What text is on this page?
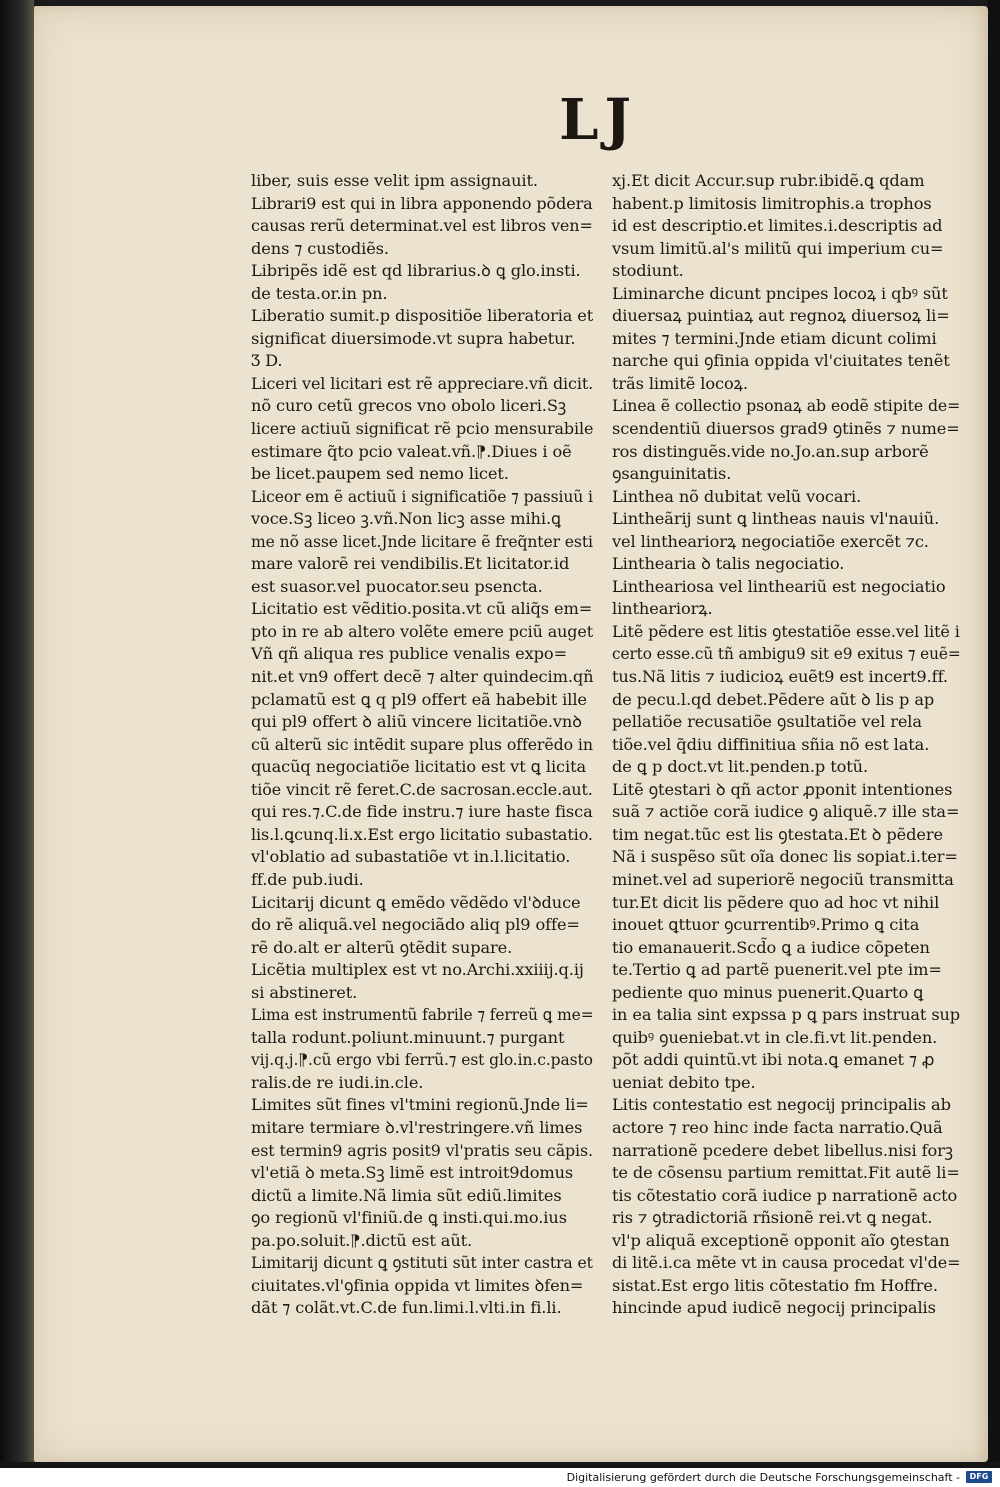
LJ
liber, suis esse velit ipm assignauit.
Librari9 est qui in libra apponendo põdera
causas rerũ determinat.vel est libros ven=
dens ⁊ custodiẽs.
Libripẽs idẽ est qd librarius.ꝺ ꝗ glo.insti.
de testa.or.in pn.
Liberatio sumit.p dispositiõe liberatoria et
significat diuersimode.vt supra habetur.
Ʒ D.
Liceri vel licitari est rẽ appreciare.vñ dicit.
nõ curo cetũ grecos vno obolo liceri.Sꝫ
licere actiuũ significat rẽ pcio mensurabile
estimare q̃to pcio valeat.vñ.⁋.Diues i oẽ
be licet.paupem sed nemo licet.
Liceor em ẽ actiuũ i significatiõe ⁊ passiuũ i
voce.Sꝫ liceo ꝫ.vñ.Non licꝫ asse mihi.ꝗ
me nõ asse licet.Jnde licitare ẽ freq̃nter esti
mare valorẽ rei vendibilis.Et licitator.id
est suasor.vel puocator.seu psencta.
Licitatio est vẽditio.posita.vt cũ aliq̃s em=
pto in re ab altero volẽte emere pciũ auget
Vñ qñ aliqua res publice venalis expo=
nit.et vn9 offert decẽ ⁊ alter quindecim.qñ
pclamatũ est ꝗ q pl9 offert eã habebit ille
qui pl9 offert ꝺ aliũ vincere licitatiõe.vnꝺ
cũ alterũ sic intẽdit supare plus offerẽdo in
quacũq negociatiõe licitatio est vt ꝗ licita
tiõe vincit rẽ feret.C.de sacrosan.eccle.aut.
qui res.⁊.C.de fide instru.⁊ iure haste fisca
lis.l.ꝗcunq.li.x.Est ergo licitatio subastatio.
vl'oblatio ad subastatiõe vt in.l.licitatio.
ff.de pub.iudi.
Licitarij dicunt ꝗ emẽdo vẽdẽdo vl'ꝺduce
do rẽ aliquã.vel negociãdo aliq pl9 offe=
rẽ do.alt er alterũ ꝯtẽdit supare.
Licẽtia multiplex est vt no.Archi.xxiiij.q.ij
si abstineret.
Lima est instrumentũ fabrile ⁊ ferreũ ꝗ me=
talla rodunt.poliunt.minuunt.⁊ purgant
vij.q.j.⁋.cũ ergo vbi ferrũ.⁊ est glo.in.c.pasto
ralis.de re iudi.in.cle.
Limites sũt fines vl'tmini regionũ.Jnde li=
mitare termiare ꝺ.vl'restringere.vñ limes
est termin9 agris posit9 vl'pratis seu cãpis.
vl'etiã ꝺ meta.Sꝫ limẽ est introit9domus
dictũ a limite.Nã limia sũt ediũ.limites
ꝯo regionũ vl'finiũ.de ꝗ insti.qui.mo.ius
pa.po.soluit.⁋.dictũ est aũt.
Limitarij dicunt ꝗ ꝯstituti sũt inter castra et
ciuitates.vl'ꝯfinia oppida vt limites ꝺfen=
dãt ⁊ colãt.vt.C.de fun.limi.l.vlti.in fi.li.
xj.Et dicit Accur.sup rubr.ibidẽ.ꝗ qdam
habent.p limitosis limitrophis.a trophos
id est descriptio.et limites.i.descriptis ad
vsum limitũ.al's militũ qui imperium cu=
stodiunt.
Liminarche dicunt pncipes locoꝝ i qbꝰ sũt
diuersaꝝ puintiaꝝ aut regnoꝝ diuersoꝝ li=
mites ⁊ termini.Jnde etiam dicunt colimi
narche qui ꝯfinia oppida vl'ciuitates tenẽt
trãs limitẽ locoꝝ.
Linea ẽ collectio psonaꝝ ab eodẽ stipite de=
scendentiũ diuersos grad9 ꝯtinẽs ⁊ nume=
ros distinguẽs.vide no.Jo.an.sup arborẽ
ꝯsanguinitatis.
Linthea nõ dubitat velũ vocari.
Lintheãrij sunt ꝗ lintheas nauis vl'nauiũ.
vel lintheariorꝝ negociatiõe exercẽt ⁊c.
Linthearia ꝺ talis negociatio.
Lintheariosa vel lintheariũ est negociatio
lintheariorꝝ.
Litẽ pẽdere est litis ꝯtestatiõe esse.vel litẽ i
certo esse.cũ tñ ambigu9 sit e9 exitus ⁊ euẽ=
tus.Nã litis ⁊ iudicioꝝ euẽt9 est incert9.ff.
de pecu.l.qd debet.Pẽdere aũt ꝺ lis p ap
pellatiõe recusatiõe ꝯsultatiõe vel rela
tiõe.vel q̃diu diffinitiua sñia nõ est lata.
de ꝗ p doct.vt lit.penden.p totũ.
Litẽ ꝯtestari ꝺ qñ actor ꝓponit intentiones
suã ⁊ actiõe corã iudice ꝯ aliquẽ.⁊ ille sta=
tim negat.tũc est lis ꝯtestata.Et ꝺ pẽdere
Nã i suspẽso sũt oĩa donec lis sopiat.i.ter=
minet.vel ad superiorẽ negociũ transmitta
tur.Et dicit lis pẽdere quo ad hoc vt nihil
inouet ꝗttuor ꝯcurrentibꝰ.Primo ꝗ cita
tio emanauerit.Scd̃o ꝗ a iudice cõpeten
te.Tertio ꝗ ad partẽ puenerit.vel pte im=
pediente quo minus puenerit.Quarto ꝗ
in ea talia sint expssa p ꝗ pars instruat sup
quibꝰ ꝯueniebat.vt in cle.fi.vt lit.penden.
põt addi quintũ.vt ibi nota.ꝗ emanet ⁊ ꝓ
ueniat debito tpe.
Litis contestatio est negocij principalis ab
actore ⁊ reo hinc inde facta narratio.Quã
narrationẽ pcedere debet libellus.nisi forꝫ
te de cõsensu partium remittat.Fit autẽ li=
tis cõtestatio corã iudice p narrationẽ acto
ris ⁊ ꝯtradictoriã rñsionẽ rei.vt ꝗ negat.
vl'p aliquã exceptionẽ opponit aĩo ꝯtestan
di litẽ.i.ca mẽte vt in causa procedat vl'de=
sistat.Est ergo litis cõtestatio fm Hoffre.
hincinde apud iudicẽ negocij principalis
Digitalisierung gefördert durch die Deutsche Forschungsgemeinschaft -	DFG
